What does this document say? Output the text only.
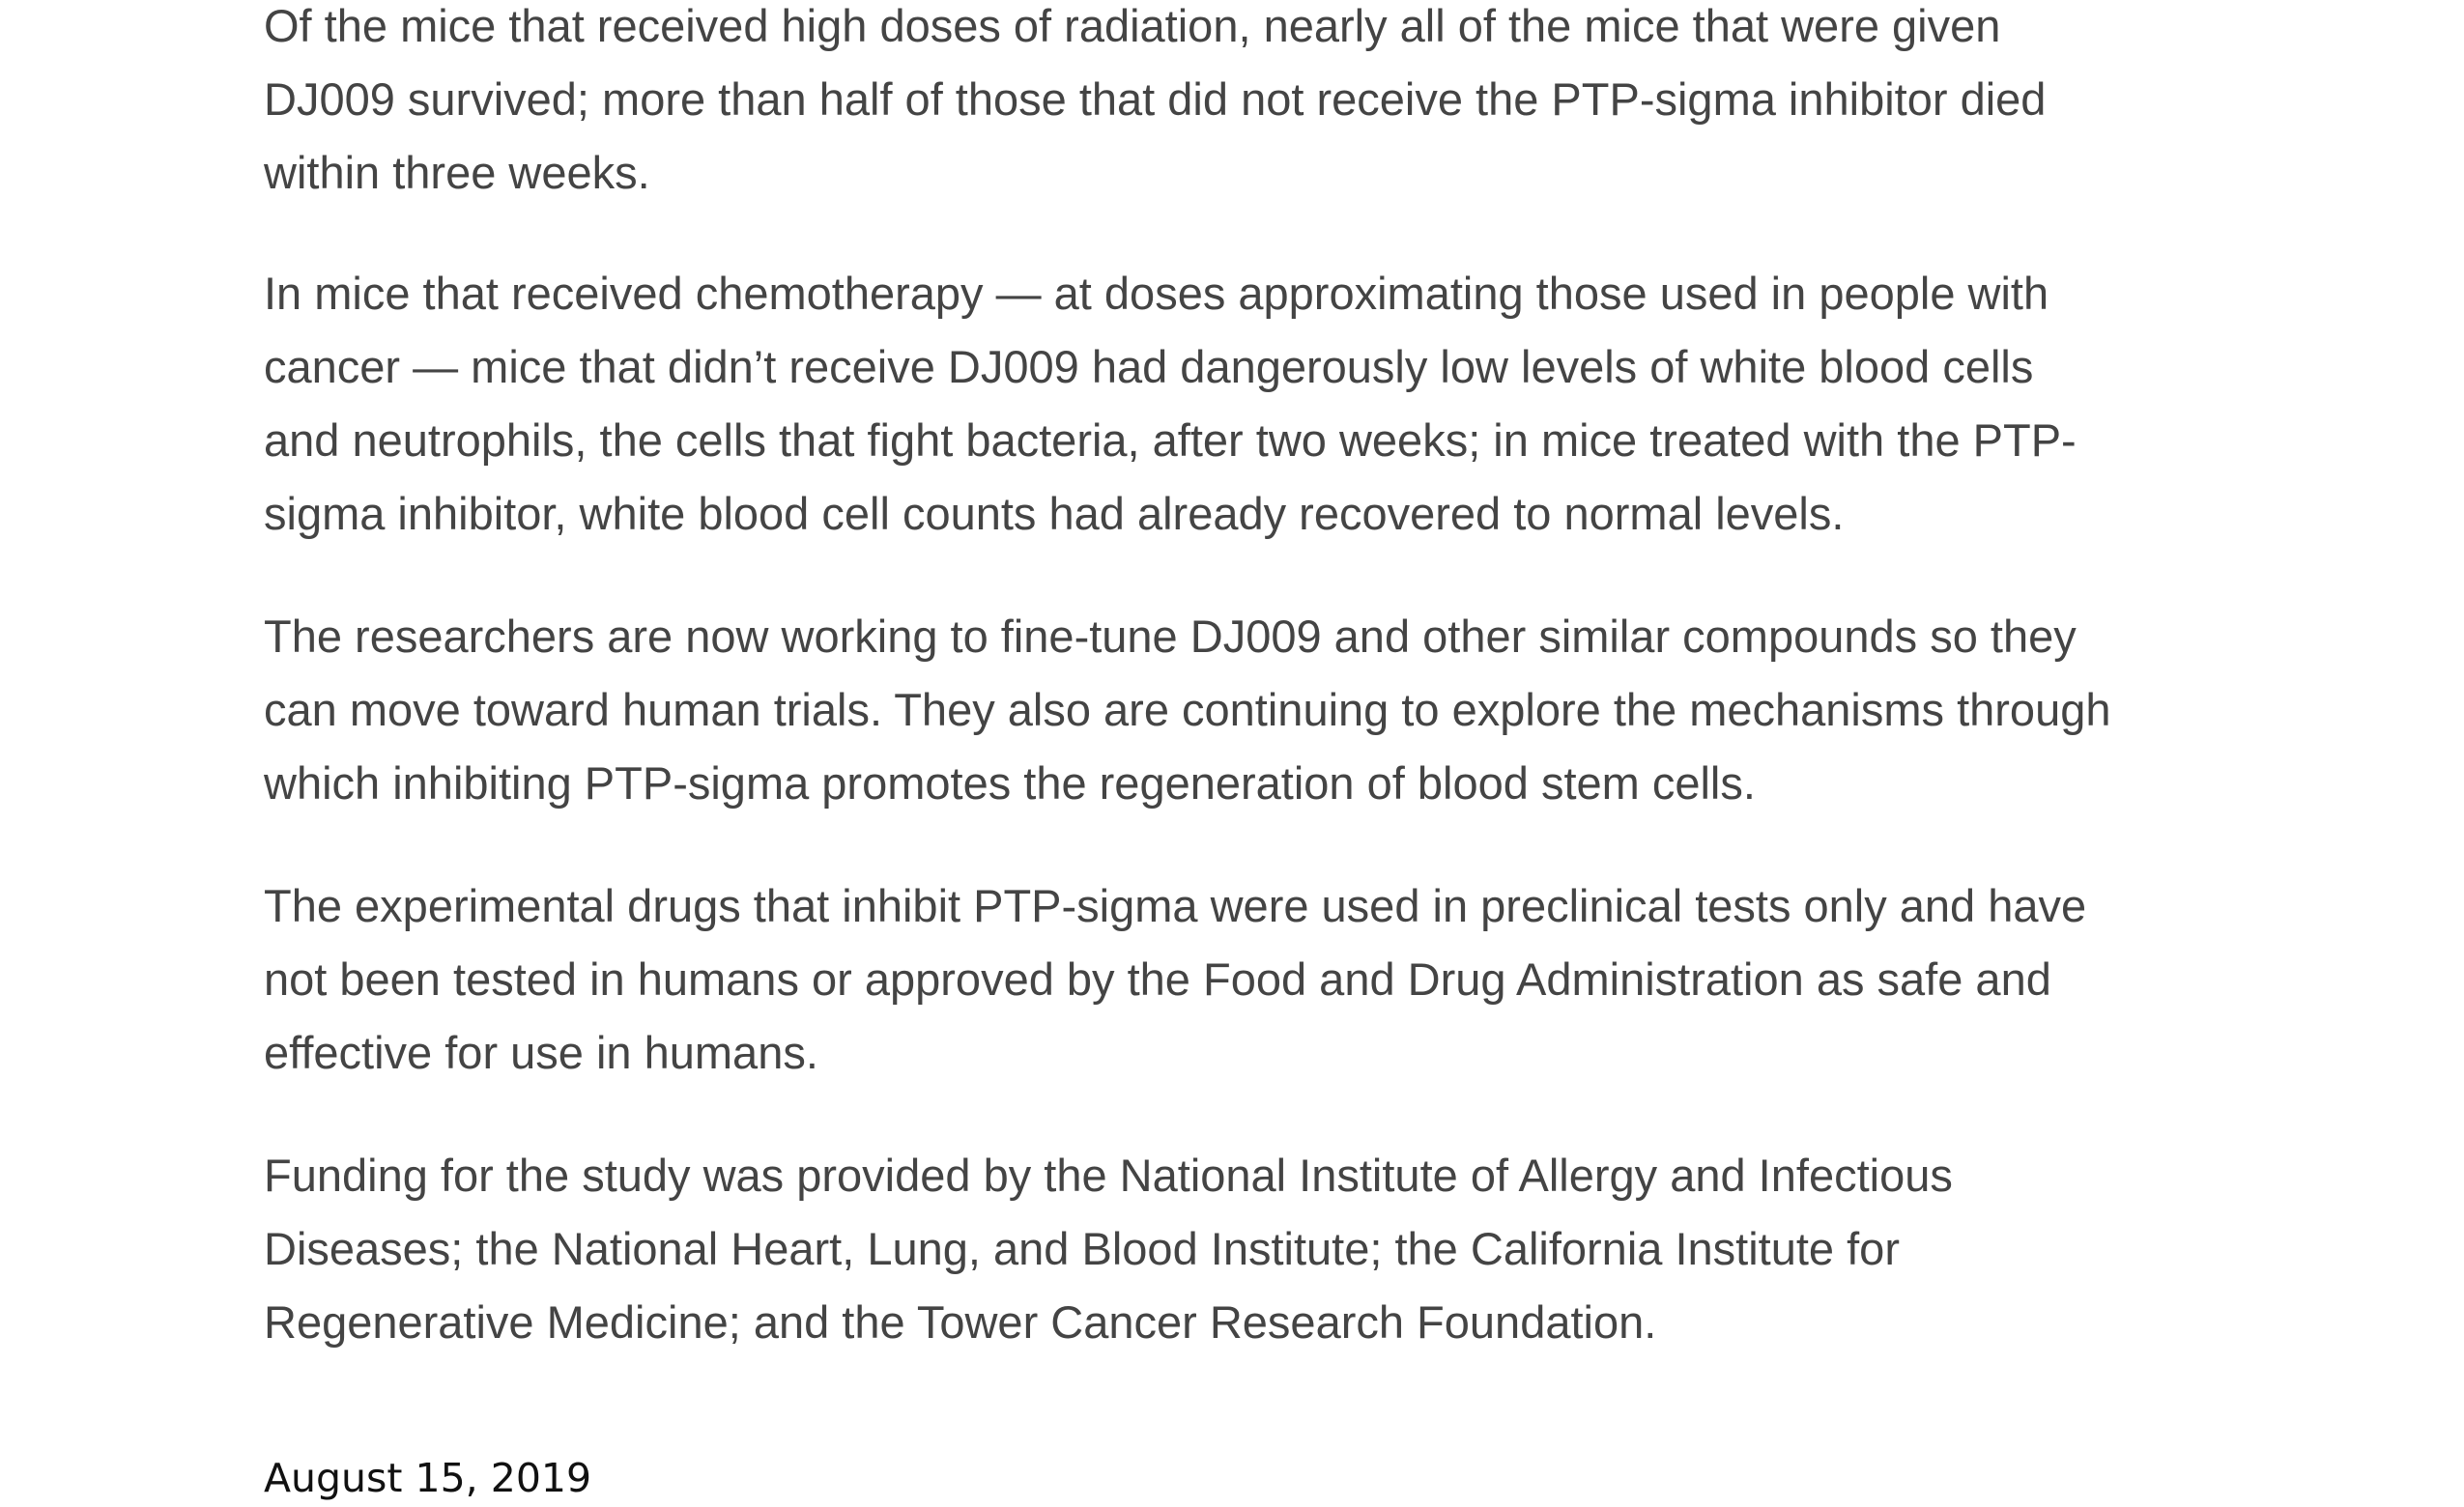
Of the mice that received high doses of radiation, nearly all of the mice that were given
DJ009 survived; more than half of those that did not receive the PTP-sigma inhibitor died
within three weeks.

In mice that received chemotherapy — at doses approximating those used in people with
cancer — mice that didn’t receive DJ009 had dangerously low levels of white blood cells
and neutrophils, the cells that fight bacteria, after two weeks; in mice treated with the PTP-
sigma inhibitor, white blood cell counts had already recovered to normal levels.

The researchers are now working to fine-tune DJ009 and other similar compounds so they
can move toward human trials. They also are continuing to explore the mechanisms through
which inhibiting PTP-sigma promotes the regeneration of blood stem cells.

The experimental drugs that inhibit PTP-sigma were used in preclinical tests only and have
not been tested in humans or approved by the Food and Drug Administration as safe and
effective for use in humans.

Funding for the study was provided by the National Institute of Allergy and Infectious
Diseases; the National Heart, Lung, and Blood Institute; the California Institute for
Regenerative Medicine; and the Tower Cancer Research Foundation.

August 15, 2019
